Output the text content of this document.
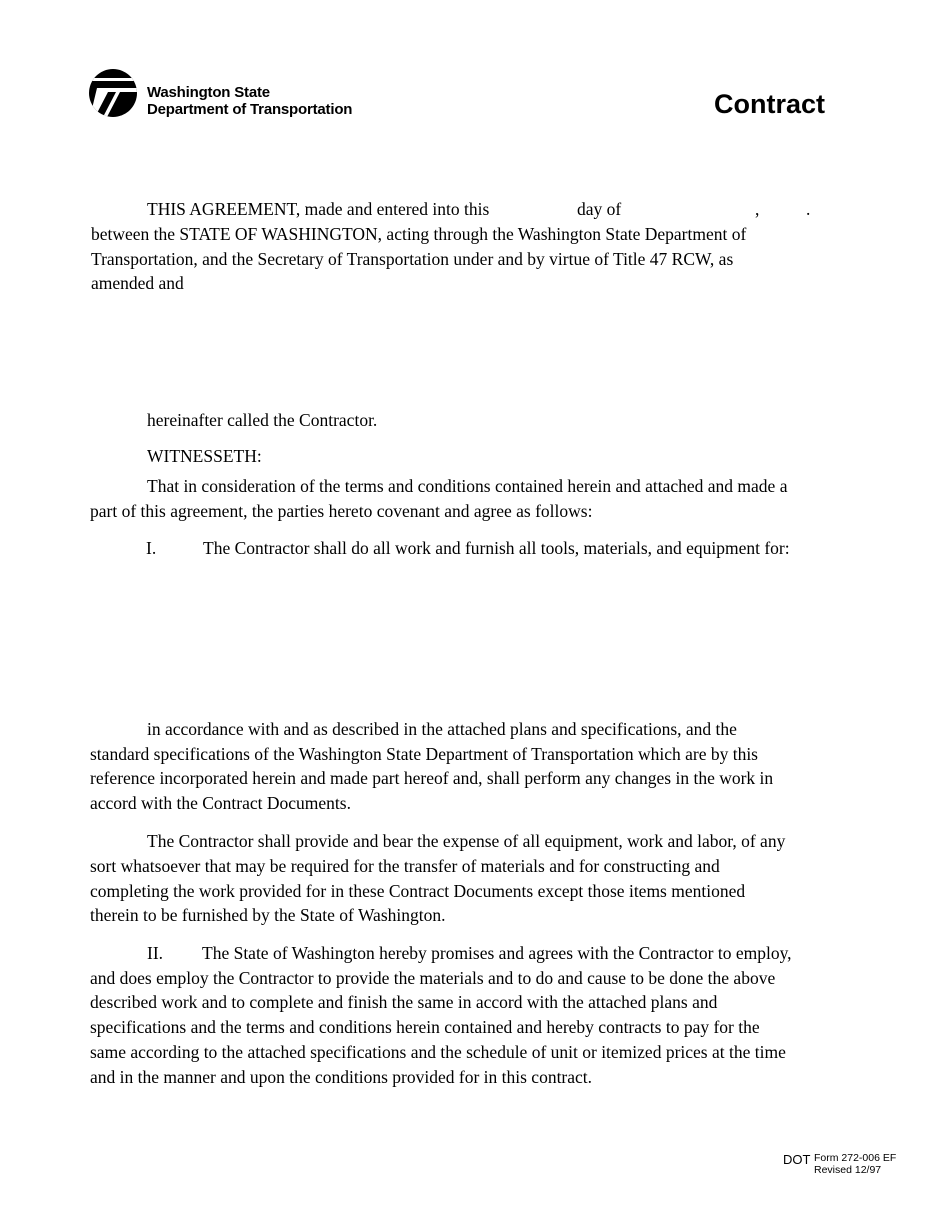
Washington State
Department of Transportation	Contract
THIS AGREEMENT, made and entered into this	day of	,	.
between the STATE OF WASHINGTON, acting through the Washington State Department of
Transportation, and the Secretary of Transportation under and by virtue of Title 47 RCW, as
amended and
hereinafter called the Contractor.
WITNESSETH:
That in consideration of the terms and conditions contained herein and attached and made a
part of this agreement, the parties hereto covenant and agree as follows:
I.	The Contractor shall do all work and furnish all tools, materials, and equipment for:
in accordance with and as described in the attached plans and specifications, and the
standard specifications of the Washington State Department of Transportation which are by this
reference incorporated herein and made part hereof and, shall perform any changes in the work in
accord with the Contract Documents.
The Contractor shall provide and bear the expense of all equipment, work and labor, of any
sort whatsoever that may be required for the transfer of materials and for constructing and
completing the work provided for in these Contract Documents except those items mentioned
therein to be furnished by the State of Washington.
II. The State of Washington hereby promises and agrees with the Contractor to employ,
and does employ the Contractor to provide the materials and to do and cause to be done the above
described work and to complete and finish the same in accord with the attached plans and
specifications and the terms and conditions herein contained and hereby contracts to pay for the
same according to the attached specifications and the schedule of unit or itemized prices at the time
and in the manner and upon the conditions provided for in this contract.
DOT Form 272-006 EF
Revised 12/97
